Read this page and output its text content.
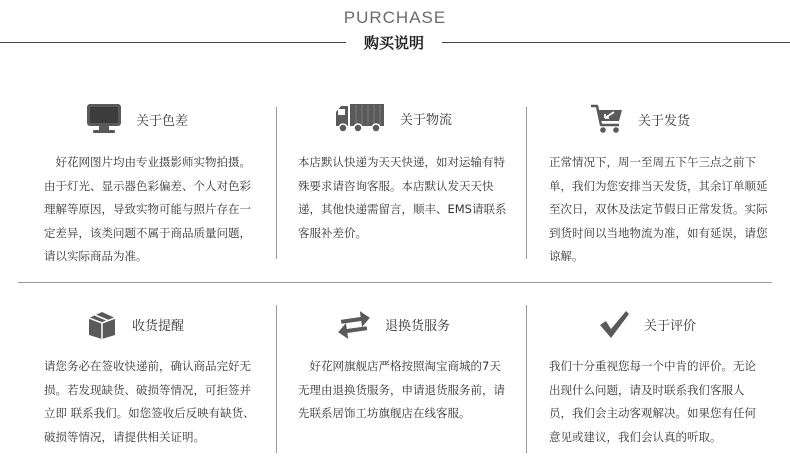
PURCHASE
购买说明
关于色差
　好花网图片均由专业摄影师实物拍摄。由于灯光、显示器色彩偏差、个人对色彩理解等原因，导致实物可能与照片存在一定差异，该类问题不属于商品质量问题，请以实际商品为准。
关于物流
本店默认快递为天天快递，如对运输有特殊要求请咨询客服。本店默认发天天快递，其他快递需留言，顺丰、EMS请联系客服补差价。
关于发货
正常情况下，周一至周五下午三点之前下单，我们为您安排当天发货，其余订单顺延至次日，双休及法定节假日正常发货。实际到货时间以当地物流为准，如有延误，请您谅解。
收货提醒
请您务必在签收快递前，确认商品完好无损。若发现缺货、破损等情况，可拒签并 立即 联系我们。如您签收后反映有缺货、破损等情况，请提供相关证明。
退换货服务
　好花网旗舰店严格按照淘宝商城的7天无理由退换货服务，申请退货服务前，请先联系居饰工坊旗舰店在线客服。
关于评价
我们十分重视您每一个中肯的评价。无论出现什么问题，请及时联系我们客服人员，我们会主动客观解决。如果您有任何意见或建议，我们会认真的听取。
